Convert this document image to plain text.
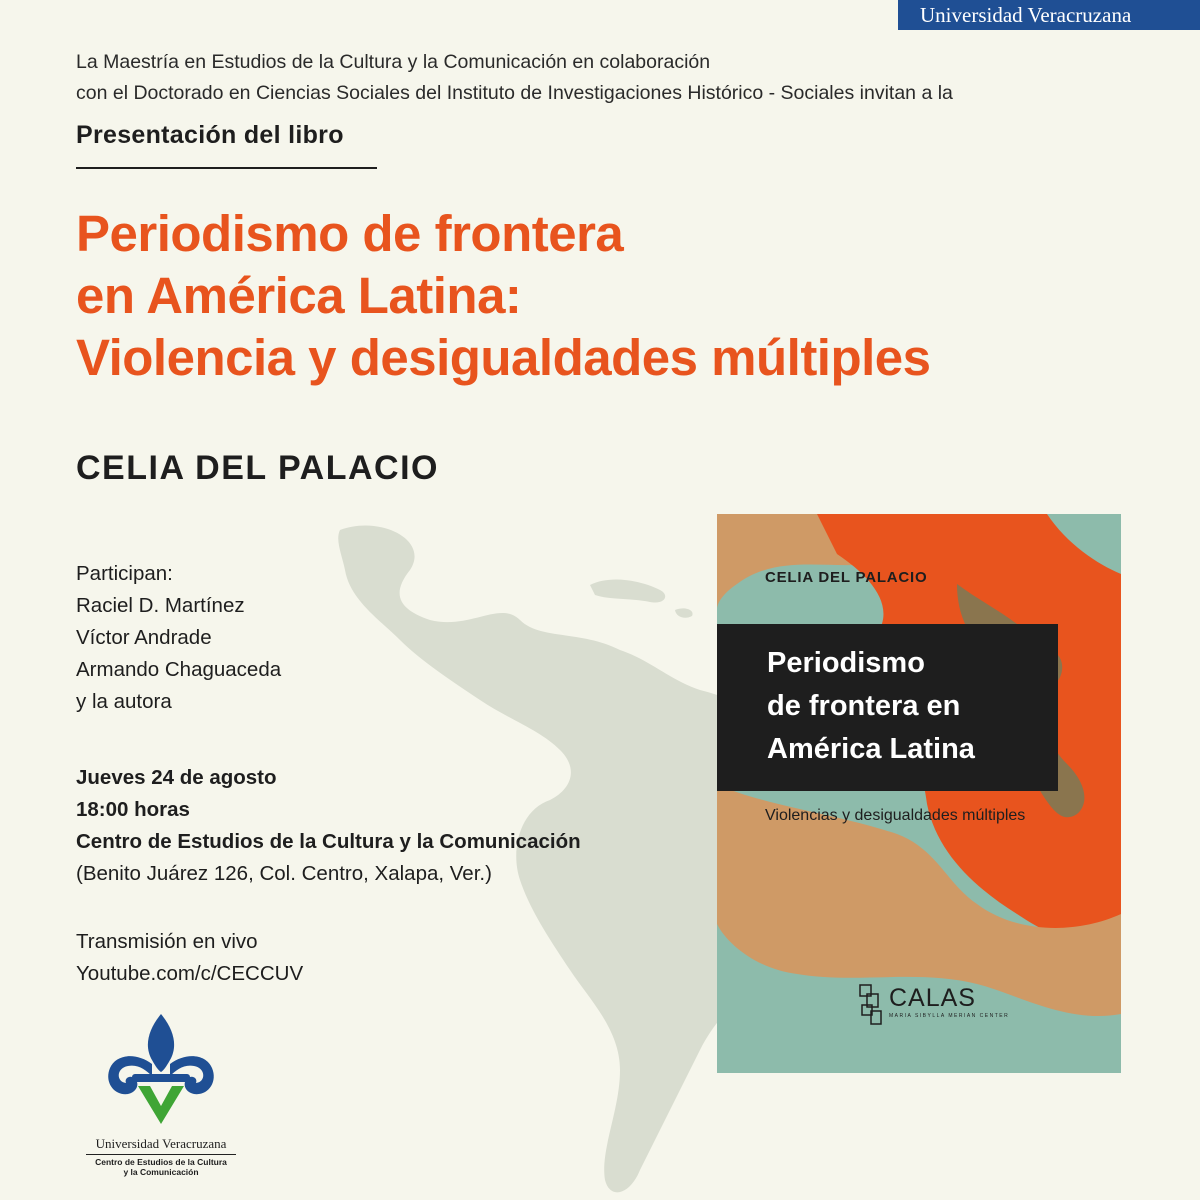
Universidad Veracruzana
La Maestría en Estudios de la Cultura y la Comunicación en colaboración
con el Doctorado en Ciencias Sociales del Instituto de Investigaciones Histórico - Sociales invitan a la
Presentación del libro
Periodismo de frontera
en América Latina:
Violencia y desigualdades múltiples
CELIA DEL PALACIO
Participan:
Raciel D. Martínez
Víctor Andrade
Armando Chaguaceda
y la autora
Jueves 24 de agosto
18:00 horas
Centro de Estudios de la Cultura y la Comunicación
(Benito Juárez 126, Col. Centro, Xalapa, Ver.)
Transmisión en vivo
Youtube.com/c/CECCUV
Universidad Veracruzana
Centro de Estudios de la Cultura
y la Comunicación
CELIA DEL PALACIO
Periodismo
de frontera en
América Latina
Violencias y desigualdades múltiples
CALAS
MARIA SIBYLLA MERIAN CENTER
